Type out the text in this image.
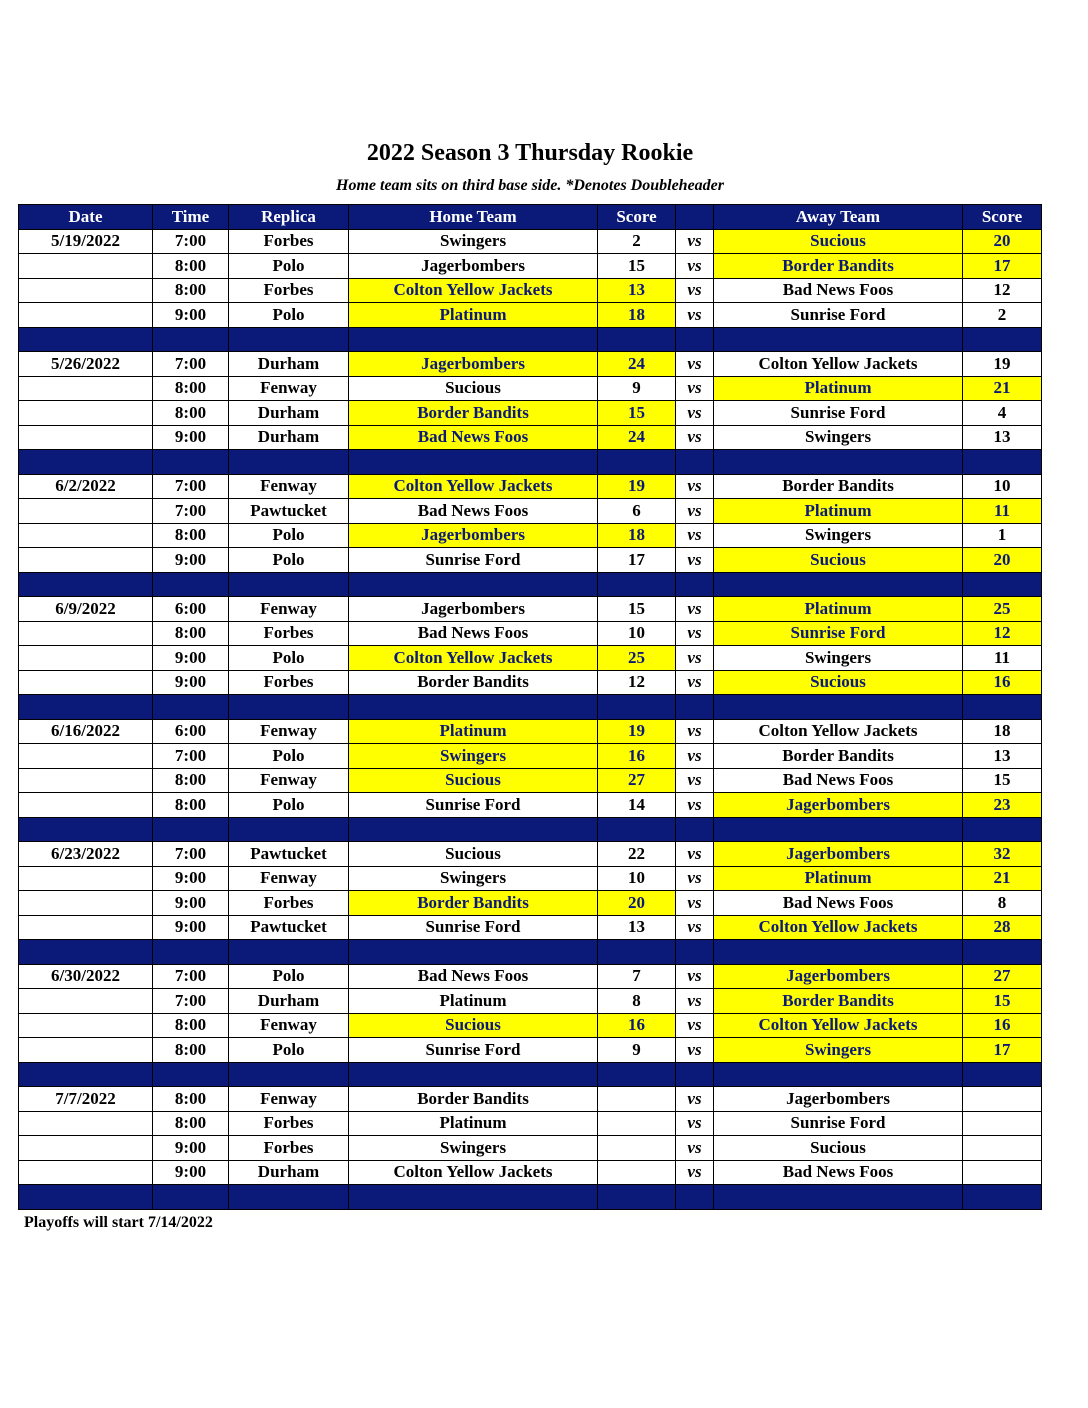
2022 Season 3 Thursday Rookie
Home team sits on third base side. *Denotes Doubleheader
Date	Time	Replica	Home Team	Score		Away Team	Score
5/19/2022	7:00	Forbes	Swingers	2	vs	Sucious	20
	8:00	Polo	Jagerbombers	15	vs	Border Bandits	17
	8:00	Forbes	Colton Yellow Jackets	13	vs	Bad News Foos	12
	9:00	Polo	Platinum	18	vs	Sunrise Ford	2

5/26/2022	7:00	Durham	Jagerbombers	24	vs	Colton Yellow Jackets	19
	8:00	Fenway	Sucious	9	vs	Platinum	21
	8:00	Durham	Border Bandits	15	vs	Sunrise Ford	4
	9:00	Durham	Bad News Foos	24	vs	Swingers	13

6/2/2022	7:00	Fenway	Colton Yellow Jackets	19	vs	Border Bandits	10
	7:00	Pawtucket	Bad News Foos	6	vs	Platinum	11
	8:00	Polo	Jagerbombers	18	vs	Swingers	1
	9:00	Polo	Sunrise Ford	17	vs	Sucious	20

6/9/2022	6:00	Fenway	Jagerbombers	15	vs	Platinum	25
	8:00	Forbes	Bad News Foos	10	vs	Sunrise Ford	12
	9:00	Polo	Colton Yellow Jackets	25	vs	Swingers	11
	9:00	Forbes	Border Bandits	12	vs	Sucious	16

6/16/2022	6:00	Fenway	Platinum	19	vs	Colton Yellow Jackets	18
	7:00	Polo	Swingers	16	vs	Border Bandits	13
	8:00	Fenway	Sucious	27	vs	Bad News Foos	15
	8:00	Polo	Sunrise Ford	14	vs	Jagerbombers	23

6/23/2022	7:00	Pawtucket	Sucious	22	vs	Jagerbombers	32
	9:00	Fenway	Swingers	10	vs	Platinum	21
	9:00	Forbes	Border Bandits	20	vs	Bad News Foos	8
	9:00	Pawtucket	Sunrise Ford	13	vs	Colton Yellow Jackets	28

6/30/2022	7:00	Polo	Bad News Foos	7	vs	Jagerbombers	27
	7:00	Durham	Platinum	8	vs	Border Bandits	15
	8:00	Fenway	Sucious	16	vs	Colton Yellow Jackets	16
	8:00	Polo	Sunrise Ford	9	vs	Swingers	17

7/7/2022	8:00	Fenway	Border Bandits		vs	Jagerbombers	
	8:00	Forbes	Platinum		vs	Sunrise Ford	
	9:00	Forbes	Swingers		vs	Sucious	
	9:00	Durham	Colton Yellow Jackets		vs	Bad News Foos	

Playoffs will start 7/14/2022
